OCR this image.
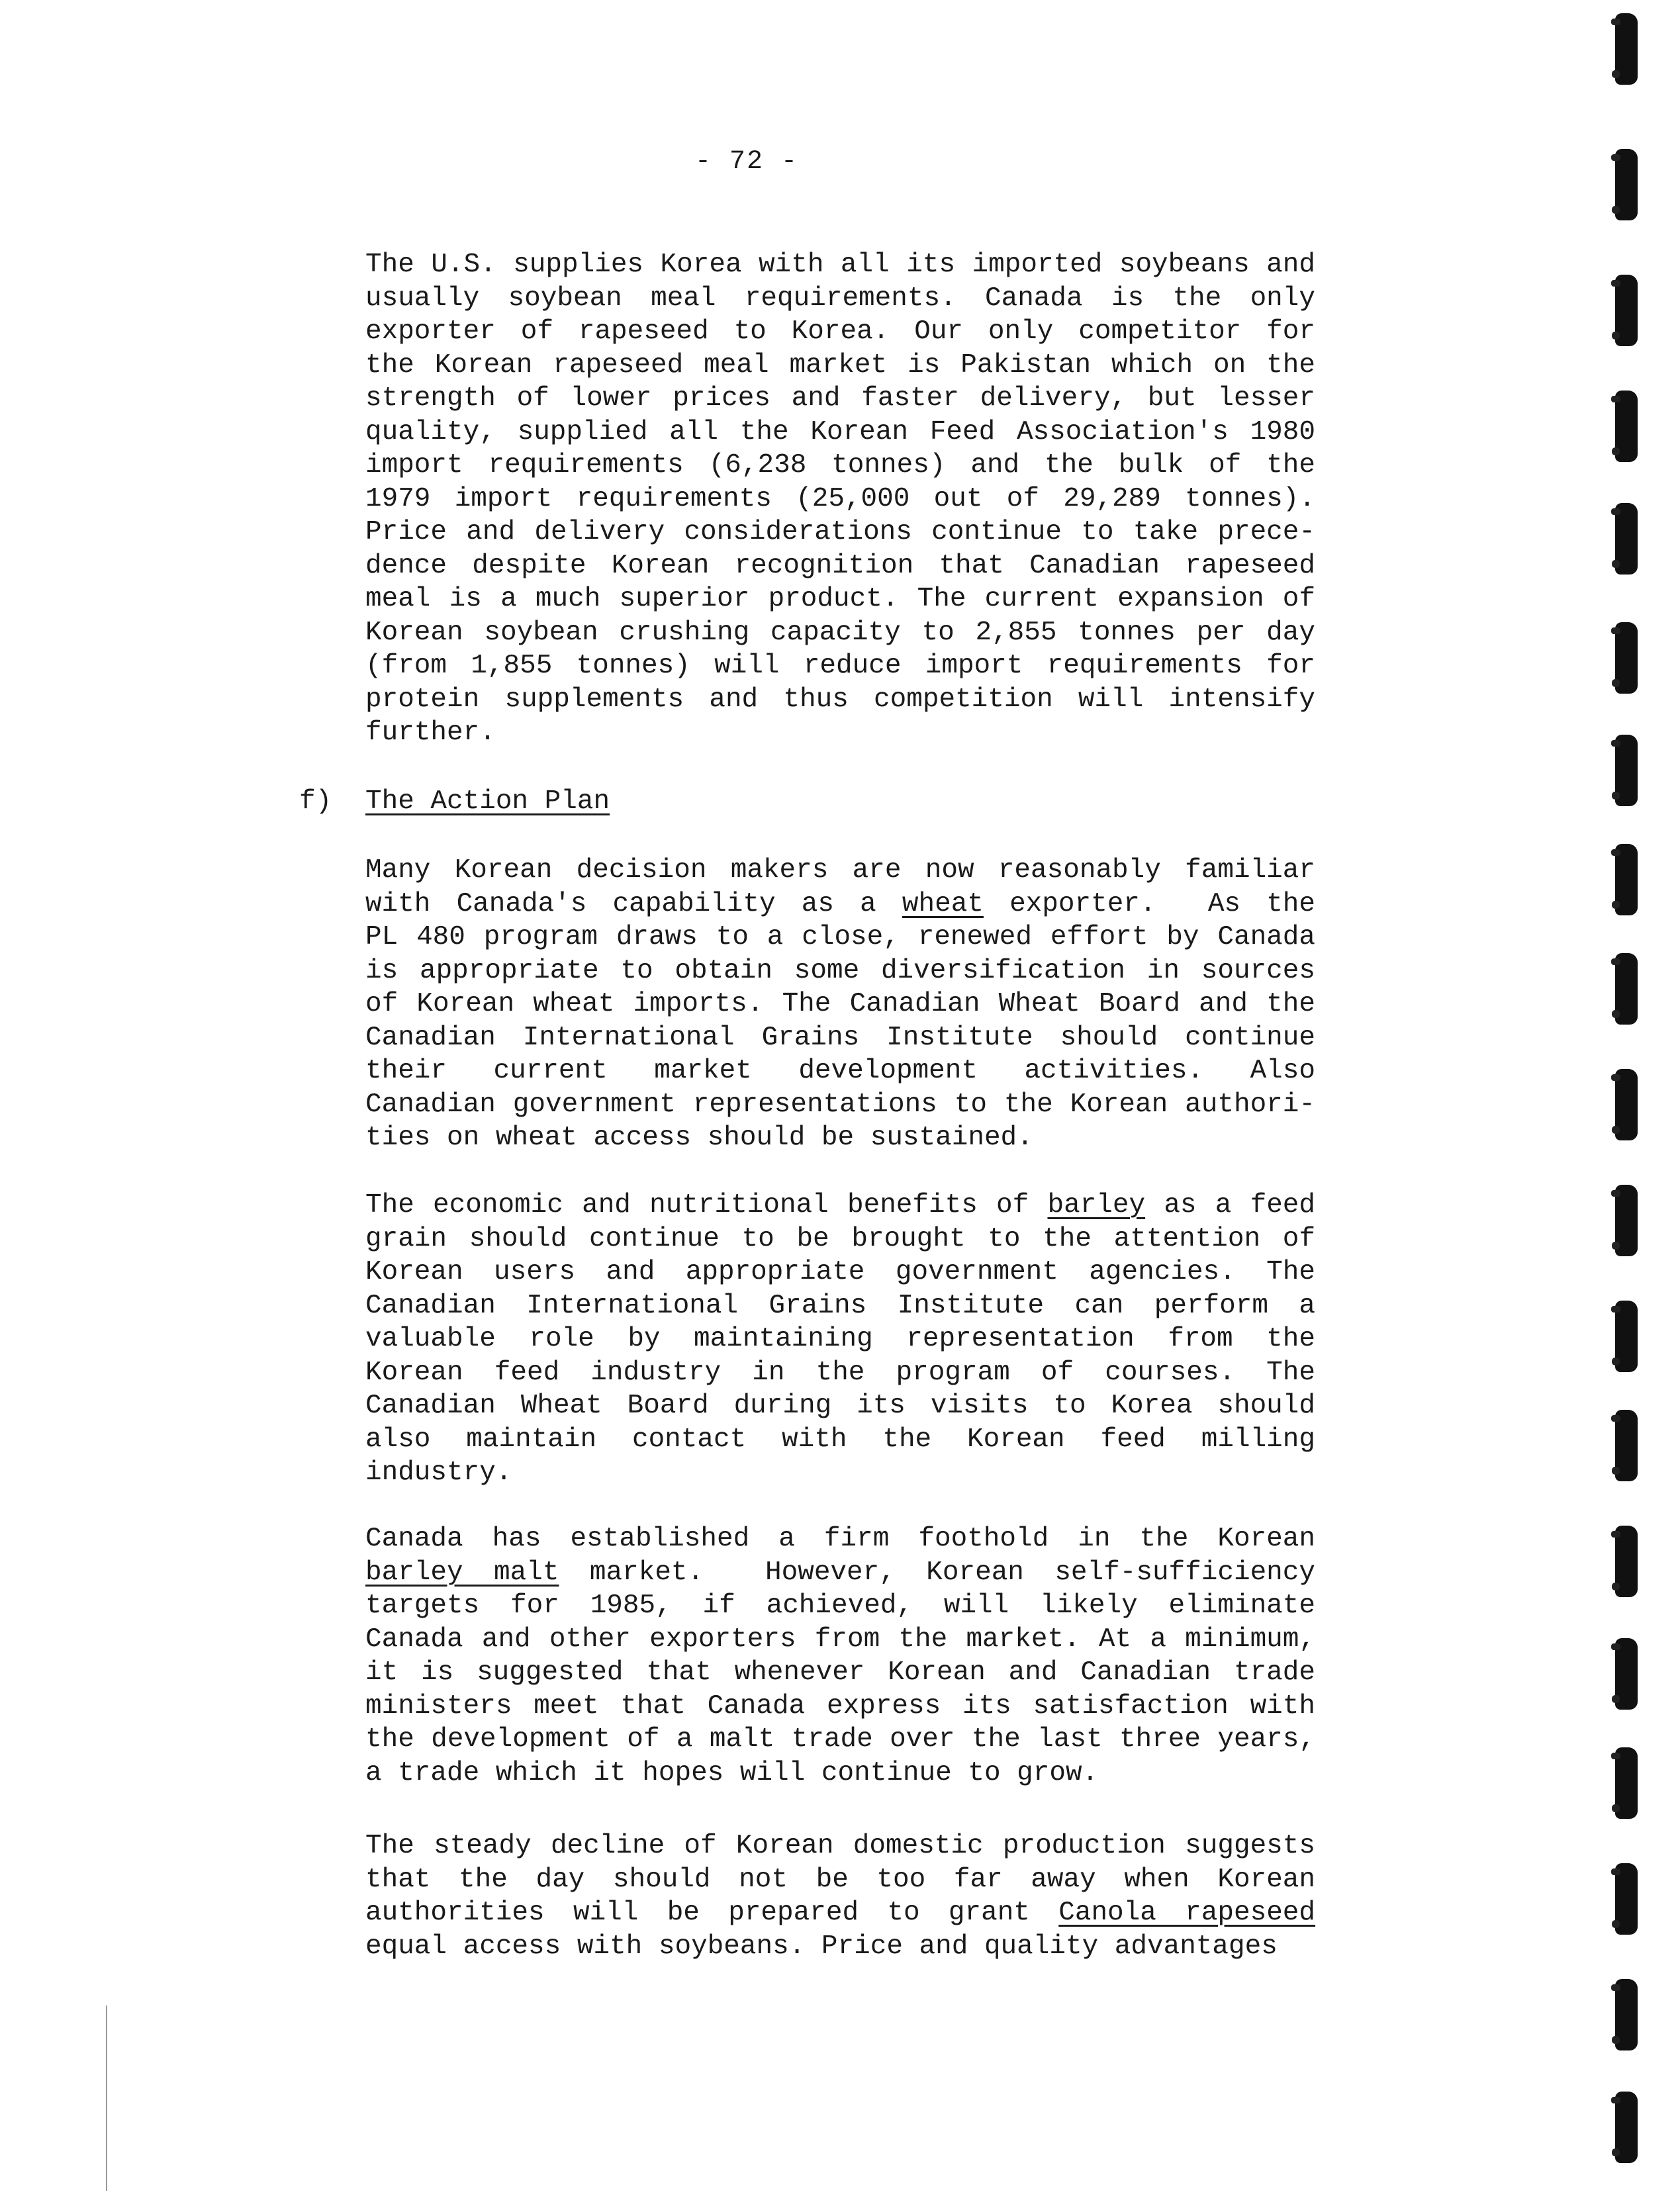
- 72 -
The U.S. supplies Korea with all its imported soybeans and
usually soybean meal requirements. Canada is the only
exporter of rapeseed to Korea. Our only competitor for
the Korean rapeseed meal market is Pakistan which on the
strength of lower prices and faster delivery, but lesser
quality, supplied all the Korean Feed Association's 1980
import requirements (6,238 tonnes) and the bulk of the
1979 import requirements (25,000 out of 29,289 tonnes).
Price and delivery considerations continue to take prece-
dence despite Korean recognition that Canadian rapeseed
meal is a much superior product. The current expansion of
Korean soybean crushing capacity to 2,855 tonnes per day
(from 1,855 tonnes) will reduce import requirements for
protein supplements and thus competition will intensify
further.
f) The Action Plan
Many Korean decision makers are now reasonably familiar
with Canada's capability as a wheat exporter.  As the
PL 480 program draws to a close, renewed effort by Canada
is appropriate to obtain some diversification in sources
of Korean wheat imports. The Canadian Wheat Board and the
Canadian International Grains Institute should continue
their current market development activities. Also
Canadian government representations to the Korean authori-
ties on wheat access should be sustained.
The economic and nutritional benefits of barley as a feed
grain should continue to be brought to the attention of
Korean users and appropriate government agencies. The
Canadian International Grains Institute can perform a
valuable role by maintaining representation from the
Korean feed industry in the program of courses. The
Canadian Wheat Board during its visits to Korea should
also maintain contact with the Korean feed milling
industry.
Canada has established a firm foothold in the Korean
barley malt market.  However, Korean self-sufficiency
targets for 1985, if achieved, will likely eliminate
Canada and other exporters from the market. At a minimum,
it is suggested that whenever Korean and Canadian trade
ministers meet that Canada express its satisfaction with
the development of a malt trade over the last three years,
a trade which it hopes will continue to grow.
The steady decline of Korean domestic production suggests
that the day should not be too far away when Korean
authorities will be prepared to grant Canola rapeseed
equal access with soybeans. Price and quality advantages
